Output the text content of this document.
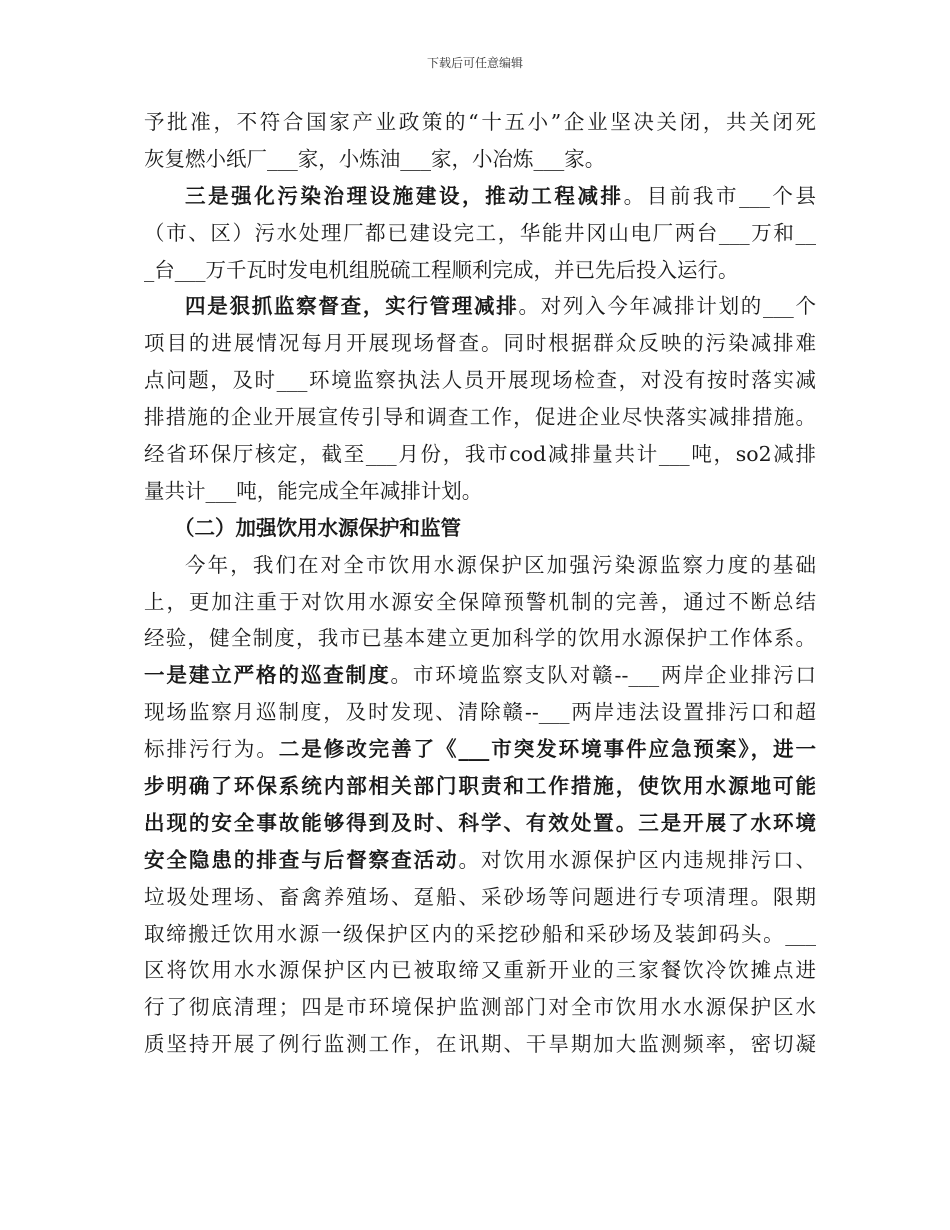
下载后可任意编辑
予批准，不符合国家产业政策的“十五小”企业坚决关闭，共关闭死
灰复燃小纸厂___家，小炼油___家，小冶炼___家。
三是强化污染治理设施建设，推动工程减排。目前我市___个县
（市、区）污水处理厂都已建设完工，华能井冈山电厂两台___万和__
_台___万千瓦时发电机组脱硫工程顺利完成，并已先后投入运行。
四是狠抓监察督查，实行管理减排。对列入今年减排计划的___个
项目的进展情况每月开展现场督查。同时根据群众反映的污染减排难
点问题，及时___环境监察执法人员开展现场检查，对没有按时落实减
排措施的企业开展宣传引导和调查工作，促进企业尽快落实减排措施。
经省环保厅核定，截至___月份，我市cod减排量共计___吨，so2减排
量共计___吨，能完成全年减排计划。
（二）加强饮用水源保护和监管
今年，我们在对全市饮用水源保护区加强污染源监察力度的基础
上，更加注重于对饮用水源安全保障预警机制的完善，通过不断总结
经验，健全制度，我市已基本建立更加科学的饮用水源保护工作体系。
一是建立严格的巡查制度。市环境监察支队对赣--___两岸企业排污口
现场监察月巡制度，及时发现、清除赣--___两岸违法设置排污口和超
标排污行为。二是修改完善了《___市突发环境事件应急预案》，进一
步明确了环保系统内部相关部门职责和工作措施，使饮用水源地可能
出现的安全事故能够得到及时、科学、有效处置。三是开展了水环境
安全隐患的排查与后督察查活动。对饮用水源保护区内违规排污口、
垃圾处理场、畜禽养殖场、趸船、采砂场等问题进行专项清理。限期
取缔搬迁饮用水源一级保护区内的采挖砂船和采砂场及装卸码头。___
区将饮用水水源保护区内已被取缔又重新开业的三家餐饮冷饮摊点进
行了彻底清理；四是市环境保护监测部门对全市饮用水水源保护区水
质坚持开展了例行监测工作，在讯期、干旱期加大监测频率，密切凝
